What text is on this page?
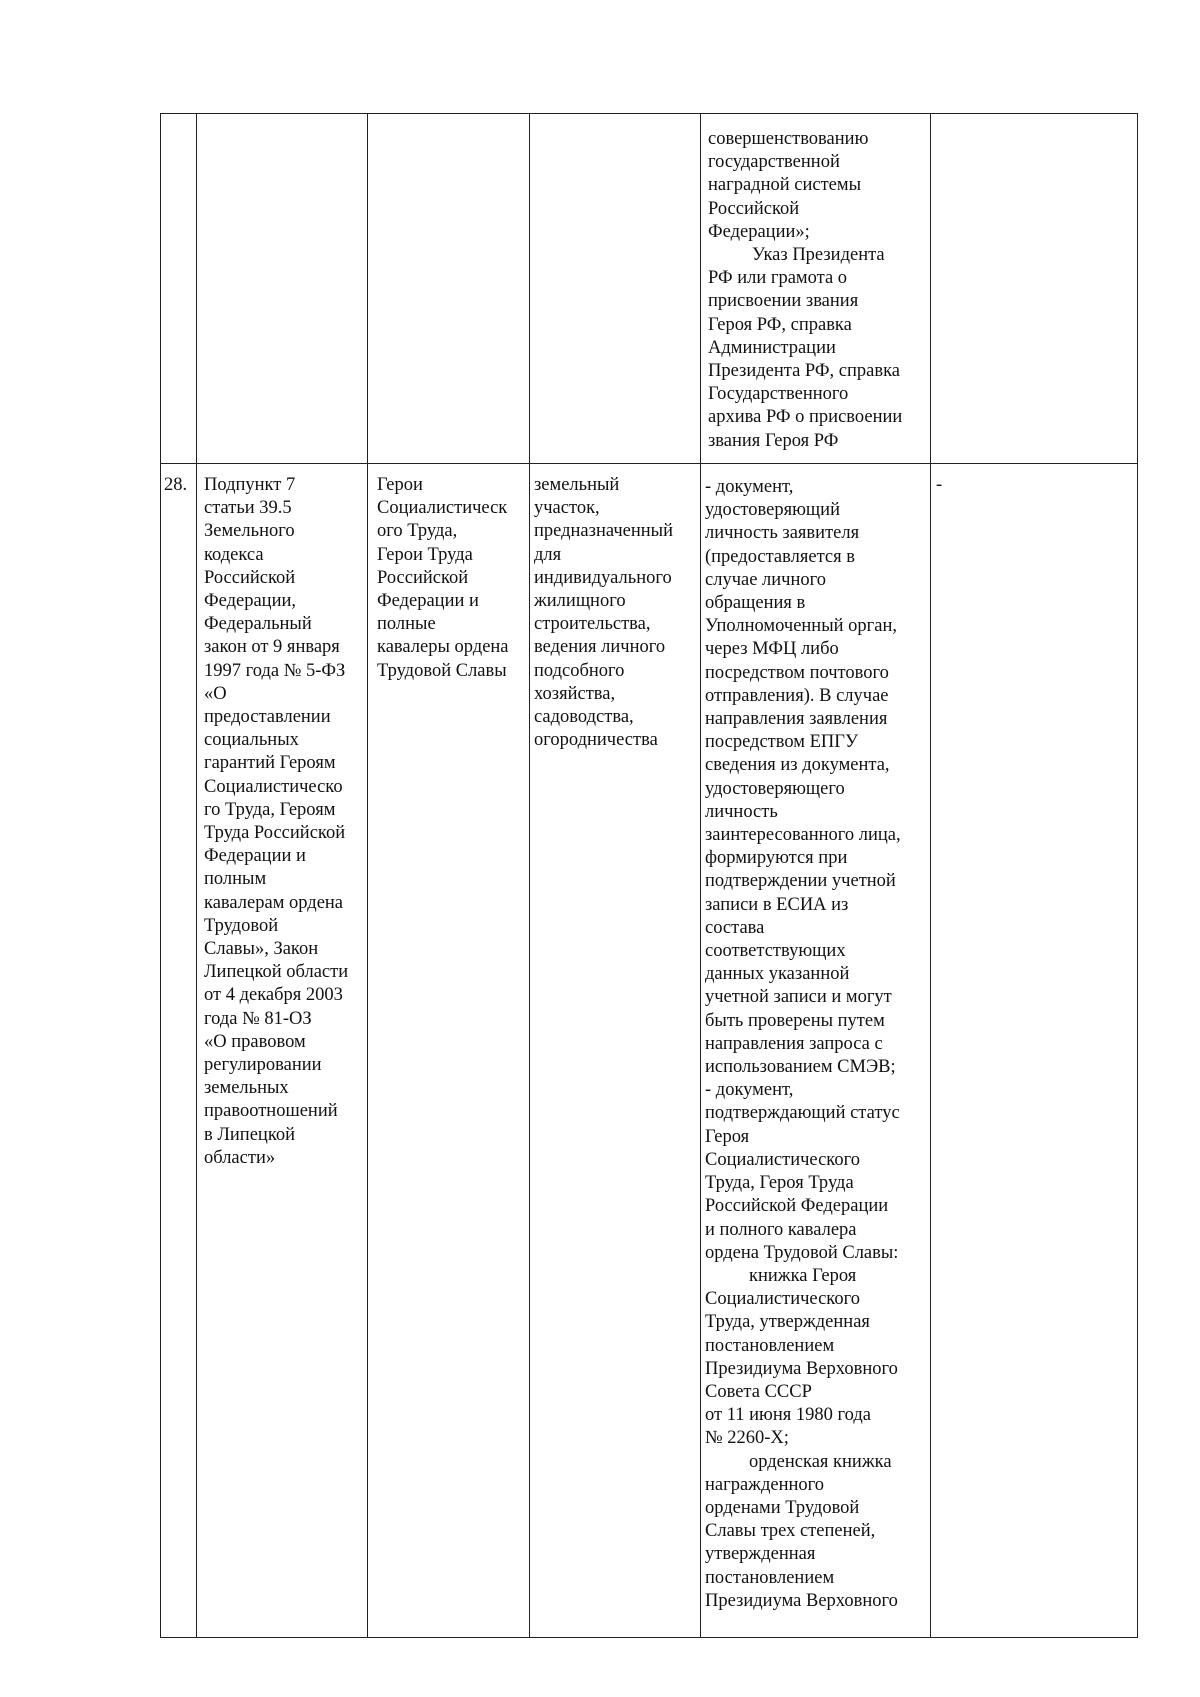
совершенствованию
государственной
наградной системы
Российской
Федерации»;
Указ Президента
РФ или грамота о
присвоении звания
Героя РФ, справка
Администрации
Президента РФ, справка
Государственного
архива РФ о присвоении
звания Героя РФ
28. Подпункт 7
статьи 39.5
Земельного
кодекса
Российской
Федерации,
Федеральный
закон от 9 января
1997 года № 5-ФЗ
«О
предоставлении
социальных
гарантий Героям
Социалистическо
го Труда, Героям
Труда Российской
Федерации и
полным
кавалерам ордена
Трудовой
Славы», Закон
Липецкой области
от 4 декабря 2003
года № 81-ОЗ
«О правовом
регулировании
земельных
правоотношений
в Липецкой
области»
Герои
Социалистическ
ого Труда,
Герои Труда
Российской
Федерации и
полные
кавалеры ордена
Трудовой Славы
земельный
участок,
предназначенный
для
индивидуального
жилищного
строительства,
ведения личного
подсобного
хозяйства,
садоводства,
огородничества
- документ,
удостоверяющий
личность заявителя
(предоставляется в
случае личного
обращения в
Уполномоченный орган,
через МФЦ либо
посредством почтового
отправления). В случае
направления заявления
посредством ЕПГУ
сведения из документа,
удостоверяющего
личность
заинтересованного лица,
формируются при
подтверждении учетной
записи в ЕСИА из
состава
соответствующих
данных указанной
учетной записи и могут
быть проверены путем
направления запроса с
использованием СМЭВ;
- документ,
подтверждающий статус
Героя
Социалистического
Труда, Героя Труда
Российской Федерации
и полного кавалера
ордена Трудовой Славы:
книжка Героя
Социалистического
Труда, утвержденная
постановлением
Президиума Верховного
Совета СССР
от 11 июня 1980 года
№ 2260-Х;
орденская книжка
награжденного
орденами Трудовой
Славы трех степеней,
утвержденная
постановлением
Президиума Верховного
-
